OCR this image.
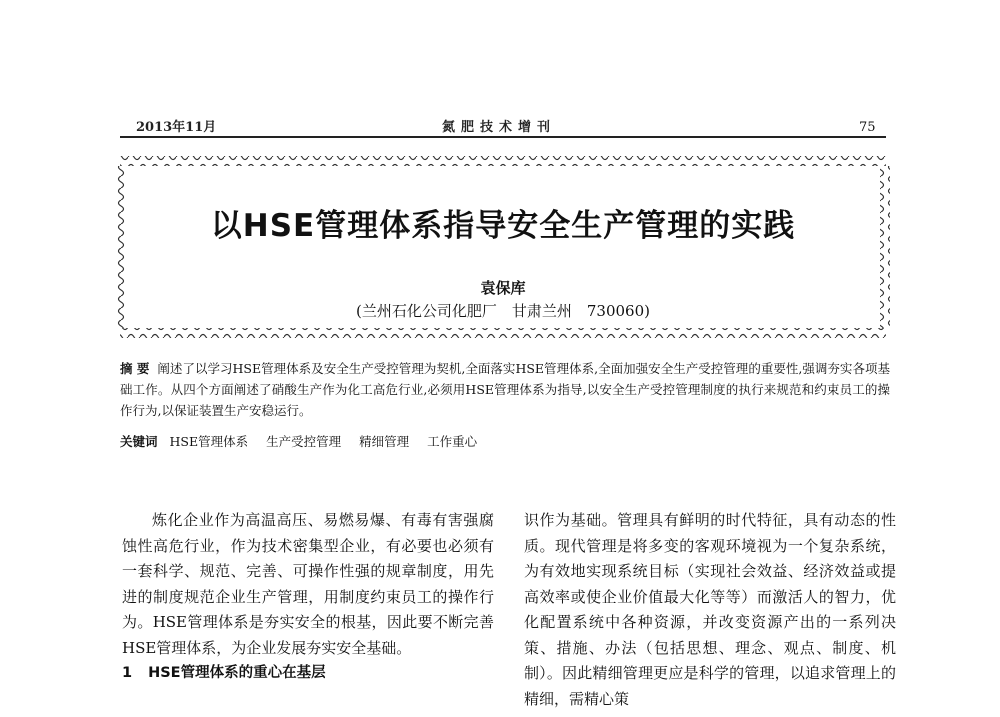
2013年11月	氮肥技术增刊	75
以HSE管理体系指导安全生产管理的实践
袁保库
(兰州石化公司化肥厂　甘肃兰州　730060)
摘 要 阐述了以学习HSE管理体系及安全生产受控管理为契机,全面落实HSE管理体系,全面加强安全生产受控管理的重要性,强调夯实各项基础工作。从四个方面阐述了硝酸生产作为化工高危行业,必须用HSE管理体系为指导,以安全生产受控管理制度的执行来规范和约束员工的操作行为,以保证装置生产安稳运行。
关键词 HSE管理体系 生产受控管理 精细管理 工作重心

炼化企业作为高温高压、易燃易爆、有毒有害强腐蚀性高危行业，作为技术密集型企业，有必要也必须有一套科学、规范、完善、可操作性强的规章制度，用先进的制度规范企业生产管理，用制度约束员工的操作行为。HSE管理体系是夯实安全的根基，因此要不断完善HSE管理体系，为企业发展夯实安全基础。

1 HSE管理体系的重心在基层

识作为基础。管理具有鲜明的时代特征，具有动态的性质。现代管理是将多变的客观环境视为一个复杂系统，为有效地实现系统目标（实现社会效益、经济效益或提高效率或使企业价值最大化等等）而激活人的智力，优化配置系统中各种资源，并改变资源产出的一系列决策、措施、办法（包括思想、理念、观点、制度、机制）。因此精细管理更应是科学的管理，以追求管理上的精细，需精心策
